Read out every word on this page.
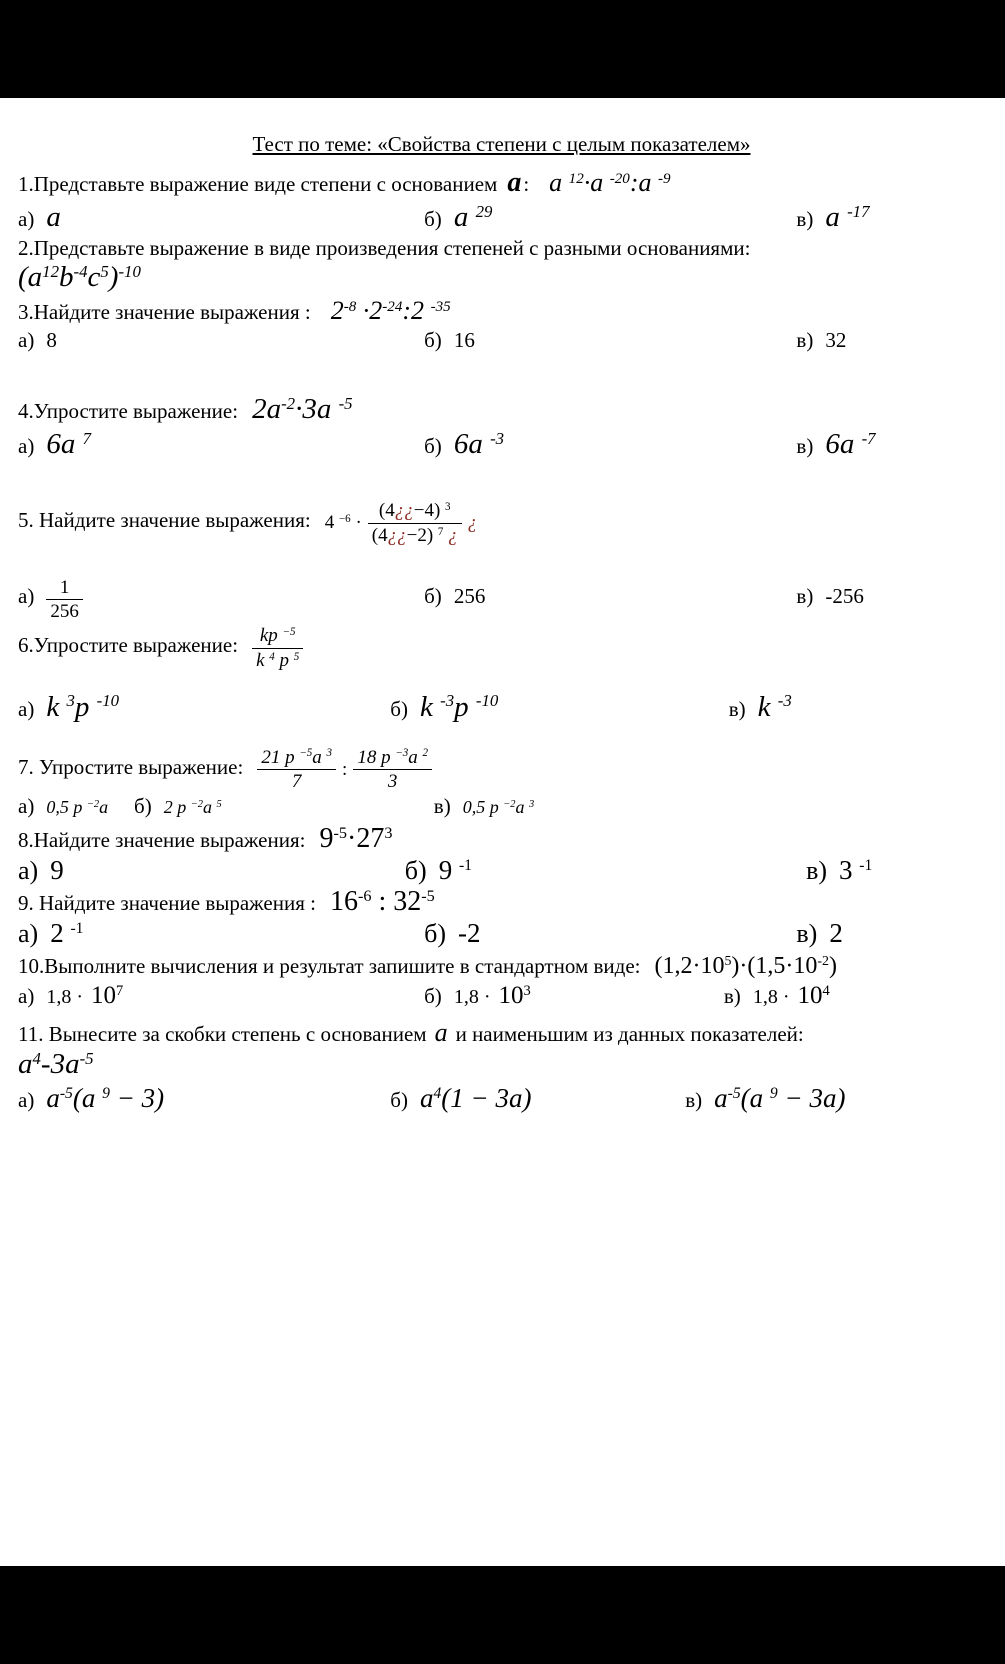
Тест по теме: «Свойства степени с целым показателем»
1.Представьте выражение виде степени с основанием a: a $^{12}$·a $^{-20}$:a $^{-9}$
а) a	б) a $^{29}$	в) a $^{-17}$
2.Представьте выражение в виде произведения степеней с разными основаниями:
$(a^{12}b^{-4}c^5)^{-10}$
3.Найдите значение выражения : $2^{-8}$ $\cdot 2^{-24}:2$ $^{-35}$
а) 8	б) 16	в) 32
4.Упростите выражение: $2a^{-2}\cdot 3a$ $^{-5}$
а) 6a $^7$	б) 6a $^{-3}$	в) 6a $^{-7}$
5. Найдите значение выражения: 4 $^{-6} \cdot \frac{(4¿¿-4) ^3}{(4¿¿-2) ^7 ¿}$ ¿
$а) \frac{1}{256}$	б) 256	в) -256
6.Упростите выражение: $\frac{kp ^{-5}}{k ^4 p ^5}$
а) k $^3$p $^{-10}$	б) k $^{-3}$p $^{-10}$	в) k $^{-3}$
7. Упростите выражение: $\frac{21 p ^{-5}a ^3}{7}$ : $\frac{18 p ^{-3}a ^2}{3}$
а) 0,5 p $^{-2}$a	б) 2 p $^{-2}$a $^5$	в) 0,5 p $^{-2}$a $^3$
8.Найдите значение выражения: $9^{-5}\cdot 27^3$
а) 9	б) 9 $^{-1}$	в) 3 $^{-1}$
9. Найдите значение выражения : $16^{-6}$ : $32^{-5}$
а) 2 $^{-1}$	б) -2	в) 2
10.Выполните вычисления и результат запишите в стандартном виде: $(1,2\cdot 10^5)\cdot(1,5\cdot 10^{-2})$
а) $1,8 \cdot 10^7$	б) $1,8 \cdot 10^3$	в) $1,8 \cdot 10^4$
11. Вынесите за скобки степень с основанием a и наименьшим из данных показателей:
$a^4-3a^{-5}$
а) $a^{-5}(a$ $^9$ − 3)	б) $a^4(1 - 3a)$	в) $a^{-5}(a$ $^9$ − 3a)
